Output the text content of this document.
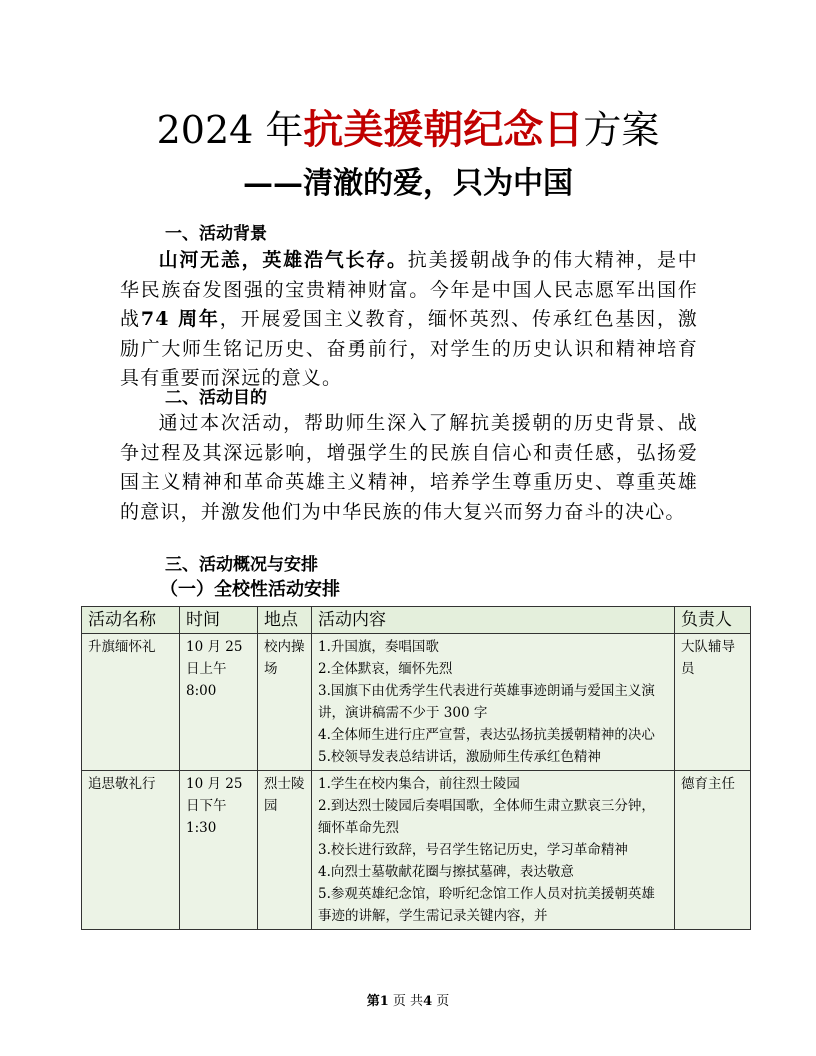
2024 年抗美援朝纪念日方案
——清澈的爱，只为中国
一、活动背景
山河无恙，英雄浩气长存。抗美援朝战争的伟大精神，是中华民族奋发图强的宝贵精神财富。今年是中国人民志愿军出国作战74 周年，开展爱国主义教育，缅怀英烈、传承红色基因，激励广大师生铭记历史、奋勇前行，对学生的历史认识和精神培育具有重要而深远的意义。
二、活动目的
通过本次活动，帮助师生深入了解抗美援朝的历史背景、战争过程及其深远影响，增强学生的民族自信心和责任感，弘扬爱国主义精神和革命英雄主义精神，培养学生尊重历史、尊重英雄的意识，并激发他们为中华民族的伟大复兴而努力奋斗的决心。
三、活动概况与安排
（一）全校性活动安排
活动名称	时间	地点	活动内容	负责人
升旗缅怀礼	10 月 25 日上午 8:00	校内操场	1.升国旗，奏唱国歌
2.全体默哀，缅怀先烈
3.国旗下由优秀学生代表进行英雄事迹朗诵与爱国主义演讲，演讲稿需不少于 300 字
4.全体师生进行庄严宣誓，表达弘扬抗美援朝精神的决心
5.校领导发表总结讲话，激励师生传承红色精神	大队辅导员
追思敬礼行	10 月 25 日下午 1:30	烈士陵园	1.学生在校内集合，前往烈士陵园
2.到达烈士陵园后奏唱国歌，全体师生肃立默哀三分钟，缅怀革命先烈
3.校长进行致辞，号召学生铭记历史，学习革命精神
4.向烈士墓敬献花圈与擦拭墓碑，表达敬意
5.参观英雄纪念馆，聆听纪念馆工作人员对抗美援朝英雄事迹的讲解，学生需记录关键内容，并	德育主任
第1 页 共4 页
